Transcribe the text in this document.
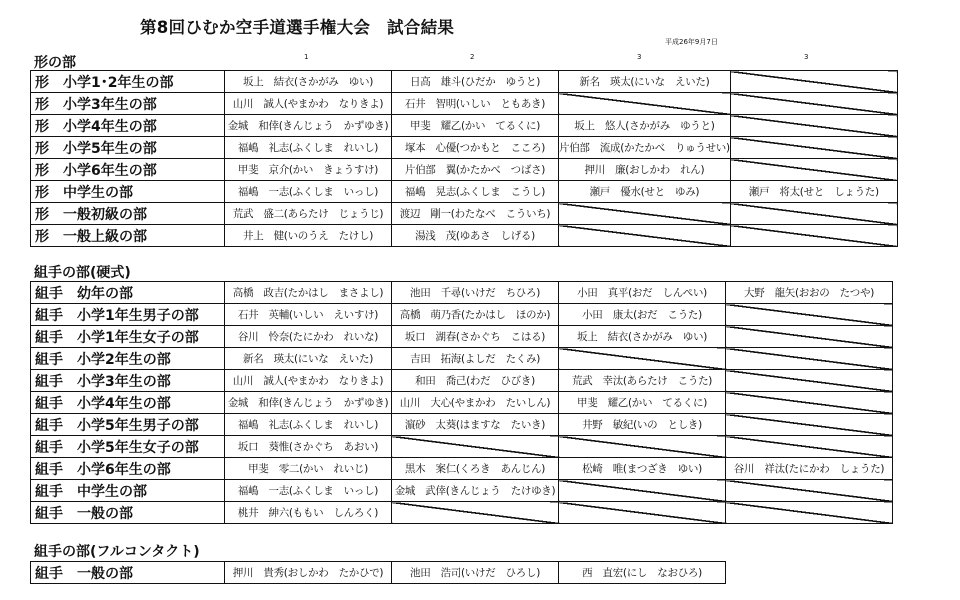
第8回ひむか空手道選手権大会　試合結果
平成26年9月7日
1	2	3	3
形の部
形　小学1･2年生の部	坂上　結衣(さかがみ　ゆい)	日高　雄斗(ひだか　ゆうと)	新名　瑛太(にいな　えいた)	
形　小学3年生の部	山川　誠人(やまかわ　なりきよ)	石井　智明(いしい　ともあき)		
形　小学4年生の部	金城　和倖(きんじょう　かずゆき)	甲斐　耀乙(かい　てるくに)	坂上　悠人(さかがみ　ゆうと)	
形　小学5年生の部	福嶋　礼志(ふくしま　れいし)	塚本　心優(つかもと　こころ)	片伯部　流成(かたかべ　りゅうせい)	
形　小学6年生の部	甲斐　京介(かい　きょうすけ)	片伯部　翼(かたかべ　つばさ)	押川　廉(おしかわ　れん)	
形　中学生の部	福嶋　一志(ふくしま　いっし)	福嶋　晃志(ふくしま　こうし)	瀬戸　優水(せと　ゆみ)	瀬戸　将太(せと　しょうた)
形　一般初級の部	荒武　盛二(あらたけ　じょうじ)	渡辺　剛一(わたなべ　こういち)		
形　一般上級の部	井上　健(いのうえ　たけし)	湯浅　茂(ゆあさ　しげる)		
組手の部(硬式)
組手　幼年の部	高橋　政吉(たかはし　まさよし)	池田　千尋(いけだ　ちひろ)	小田　真平(おだ　しんぺい)	大野　龍矢(おおの　たつや)
組手　小学1年生男子の部	石井　英輔(いしい　えいすけ)	高橋　萌乃香(たかはし　ほのか)	小田　康太(おだ　こうた)	
組手　小学1年生女子の部	谷川　怜奈(たにかわ　れいな)	坂口　湖春(さかぐち　こはる)	坂上　結衣(さかがみ　ゆい)	
組手　小学2年生の部	新名　瑛太(にいな　えいた)	吉田　拓海(よしだ　たくみ)		
組手　小学3年生の部	山川　誠人(やまかわ　なりきよ)	和田　喬己(わだ　ひびき)	荒武　幸汰(あらたけ　こうた)	
組手　小学4年生の部	金城　和倖(きんじょう　かずゆき)	山川　大心(やまかわ　たいしん)	甲斐　耀乙(かい　てるくに)	
組手　小学5年生男子の部	福嶋　礼志(ふくしま　れいし)	濵砂　太葵(はますな　たいき)	井野　敏紀(いの　としき)	
組手　小学5年生女子の部	坂口　葵惟(さかぐち　あおい)			
組手　小学6年生の部	甲斐　零二(かい　れいじ)	黒木　案仁(くろき　あんじん)	松崎　唯(まつざき　ゆい)	谷川　祥汰(たにかわ　しょうた)
組手　中学生の部	福嶋　一志(ふくしま　いっし)	金城　武倖(きんじょう　たけゆき)		
組手　一般の部	桃井　紳六(ももい　しんろく)			
組手の部(フルコンタクト)
組手　一般の部	押川　貴秀(おしかわ　たかひで)	池田　浩司(いけだ　ひろし)	西　直宏(にし　なおひろ)	
